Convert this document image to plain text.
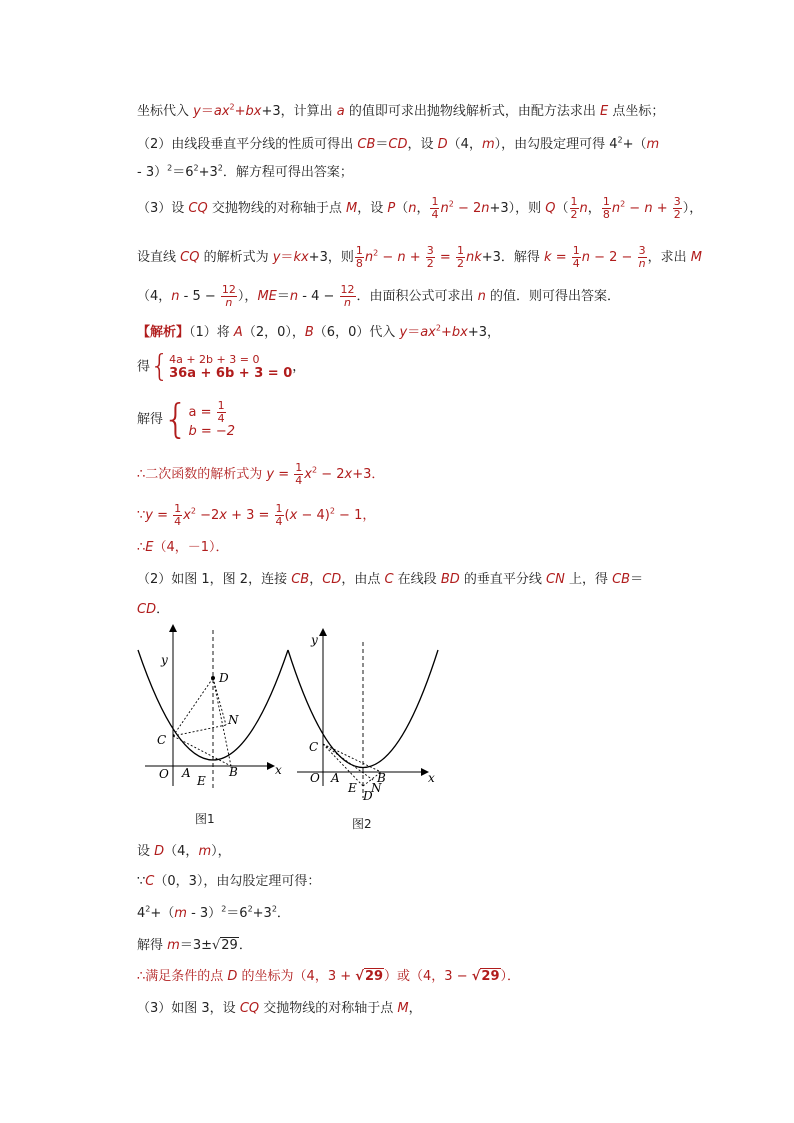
坐标代入 $y=ax^2+bx+3$，计算出 a 的值即可求出抛物线解析式，由配方法求出 E 点坐标；
（2）由线段垂直平分线的性质可得出 CB＝CD，设 D（4，m），由勾股定理可得 $4^2+(m$
- $3)^2=6^2+3^2$．解方程可得出答案；
（3）设 CQ 交抛物线的对称轴于点 M，设 P（n， $\frac{1}{4} n^2 - 2n+3$），则 $Q( \frac{1}{2}$ n， $\frac{1}{8} n^2 - n + \frac{3}{2}$ ），
设直线 CQ 的解析式为 y＝kx+3，则 $\frac{1}{8} n^2 - n + \frac{3}{2} = \frac{1}{2} nk+3$．解得 $k = \frac{1}{4}$ $n - 2 - \frac{3}{n}$ ，求出 M
（4，$n - 5 - \frac{12}{n}$ ），$ME=n - 4 - \frac{12}{n}$ ．由面积公式可求出 n 的值．则可得出答案．
【解析】（1）将 A（2，0），B（6，0）代入 $y=ax^2+bx+3$，
得{ 4a + 2b + 3 = 0
36a + 6b + 3 = 0 ，
解得{ $a = \frac{1}{4}$
b = −2
∴二次函数的解析式为 $y = \frac{1}{4} x^2 - 2x+3$．
∵y = $\frac{1}{4} x^2 -2x + 3 = \frac{1}{4} (x - 4)^2 - 1$，
∴E（4，－1）．
（2）如图 1，图 2，连接 CB，CD，由点 C 在线段 BD 的垂直平分线 CN 上，得 CB＝
CD．
y
x
O A	B
C
D
E
N
图1
y
x
O A	B
C
D
E N
图2
设 D（4，m），
∵C（0，3），由勾股定理可得：
$4^2+(m - 3)^2=6^2+3^2$．
解得 m＝3±√29．
∴满足条件的点 D 的坐标为（4，3 + √29）或（4，3 − √29）．
（3）如图 3，设 CQ 交抛物线的对称轴于点 M，
